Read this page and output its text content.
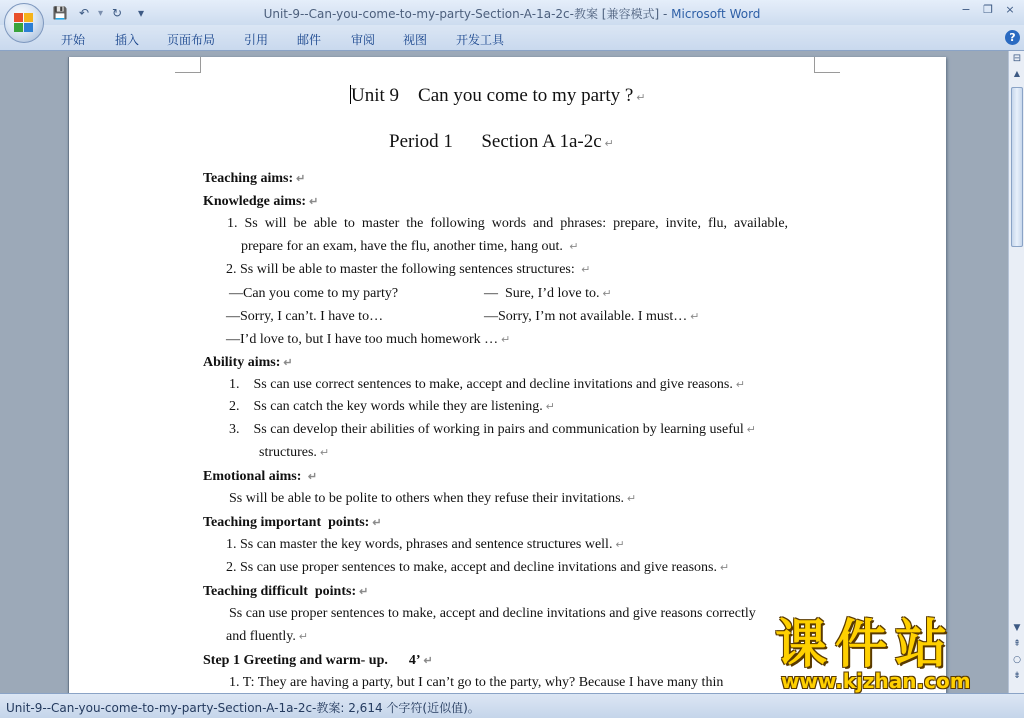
💾 ↶ ▾ ↻	▾	Unit-9--Can-you-come-to-my-party-Section-A-1a-2c-教案 [兼容模式] - Microsoft Word	−	❐	×
开始 插入 页面布局 引用 邮件 审阅 视图 开发工具	?
Unit 9    Can you come to my party ? ↵
Period 1      Section A 1a-2c ↵
Teaching aims: ↵
Knowledge aims: ↵
1.  Ss  will  be  able  to  master  the  following  words  and  phrases:  prepare,  invite,  flu,  available,
prepare for an exam, have the flu, another time, hang out. ↵
2. Ss will be able to master the following sentences structures: ↵
—Can you come to my party?	—  Sure, I’d love to. ↵
—Sorry, I can’t. I have to…	—Sorry, I’m not available. I must… ↵
—I’d love to, but I have too much homework … ↵
Ability aims: ↵
1.    Ss can use correct sentences to make, accept and decline invitations and give reasons. ↵
2.    Ss can catch the key words while they are listening. ↵
3.    Ss can develop their abilities of working in pairs and communication by learning useful ↵
structures. ↵
Emotional aims: ↵
Ss will be able to be polite to others when they refuse their invitations. ↵
Teaching important  points: ↵
1. Ss can master the key words, phrases and sentence structures well. ↵
2. Ss can use proper sentences to make, accept and decline invitations and give reasons. ↵
Teaching difficult  points: ↵
Ss can use proper sentences to make, accept and decline invitations and give reasons correctly
and fluently. ↵
Step 1 Greeting and warm- up.      4’ ↵
1. T: They are having a party, but I can’t go to the party, why? Because I have many thin
⊟
▲
▼
⇞
○
⇟
Unit-9--Can-you-come-to-my-party-Section-A-1a-2c-教案: 2,614 个字符(近似值)。
课件站
www.kjzhan.com
